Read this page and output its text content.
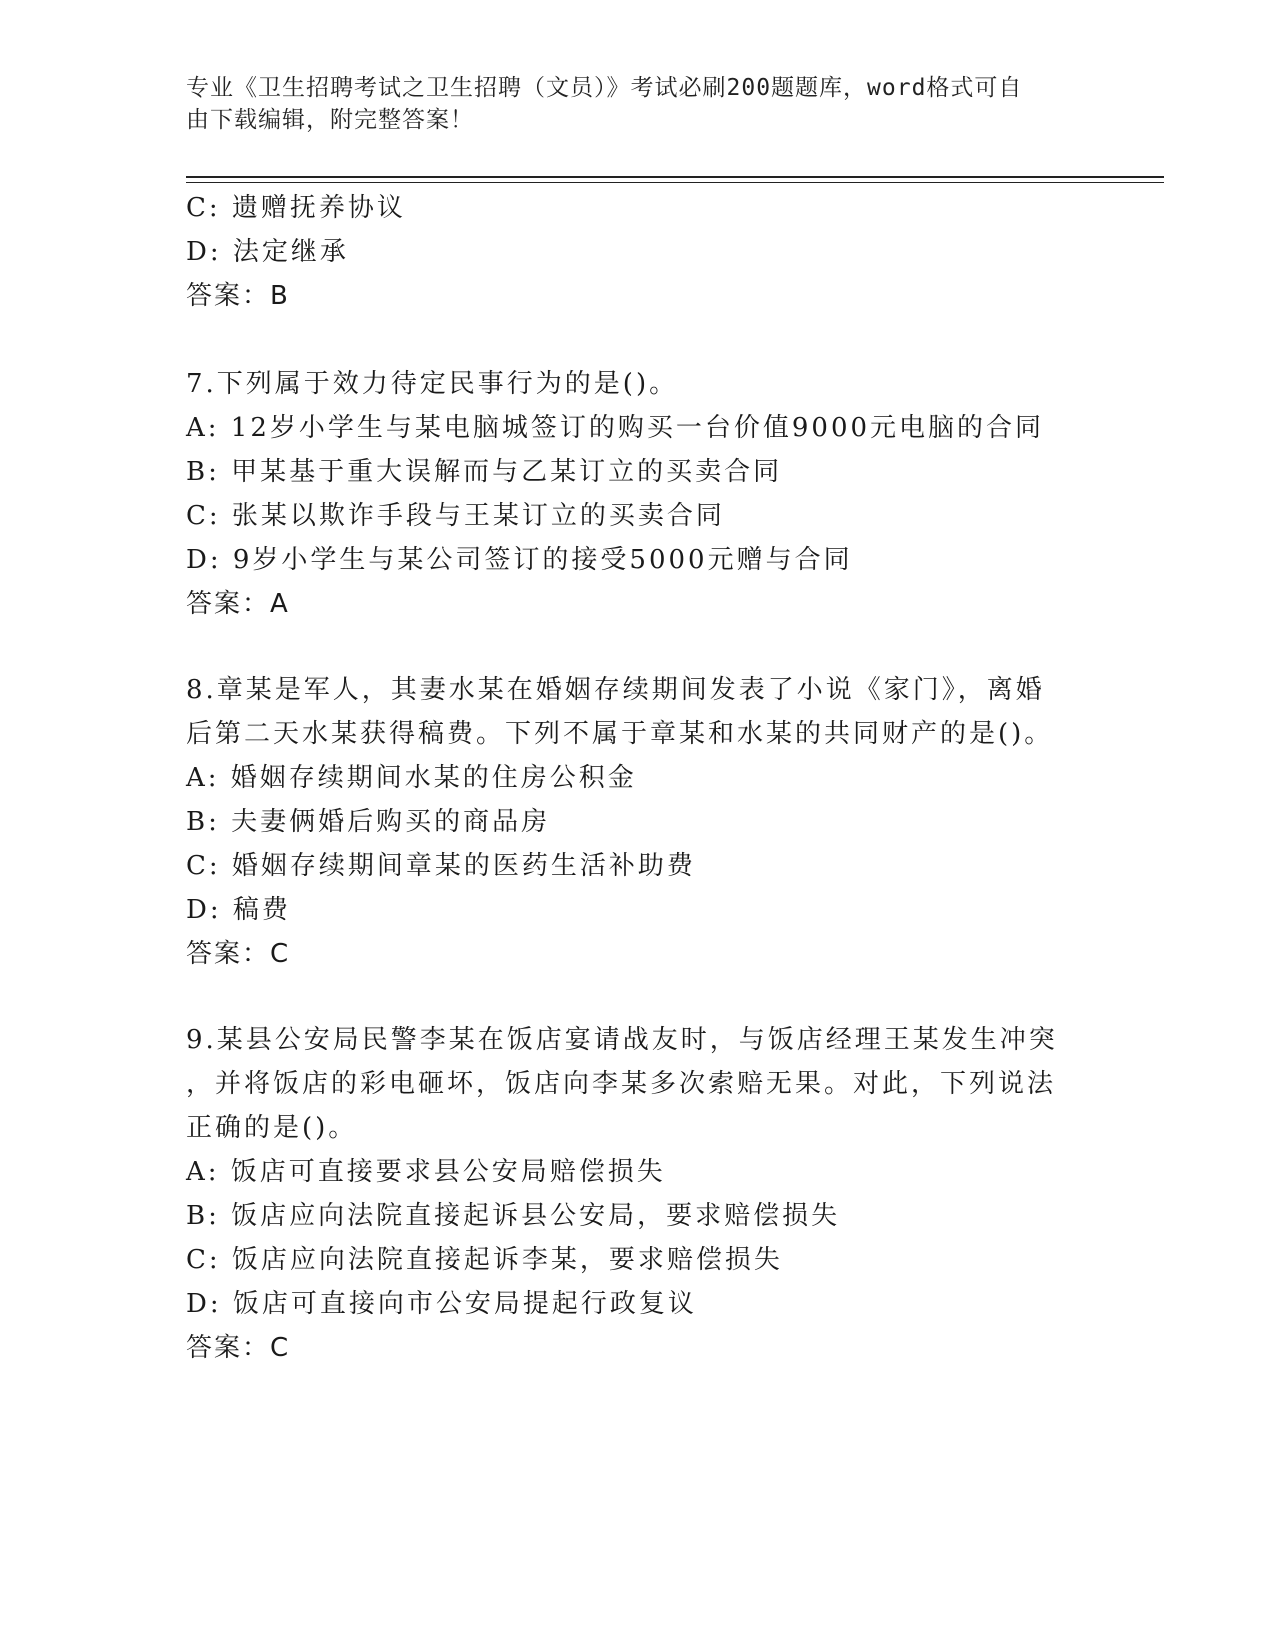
专业《卫生招聘考试之卫生招聘（文员）》考试必刷200题题库，word格式可自
由下载编辑，附完整答案！
C: 遗赠抚养协议
D: 法定继承
答案：B
7.下列属于效力待定民事行为的是()。
A: 12岁小学生与某电脑城签订的购买一台价值9000元电脑的合同
B: 甲某基于重大误解而与乙某订立的买卖合同
C: 张某以欺诈手段与王某订立的买卖合同
D: 9岁小学生与某公司签订的接受5000元赠与合同
答案：A
8.章某是军人，其妻水某在婚姻存续期间发表了小说《家门》，离婚
后第二天水某获得稿费。下列不属于章某和水某的共同财产的是()。
A: 婚姻存续期间水某的住房公积金
B: 夫妻俩婚后购买的商品房
C: 婚姻存续期间章某的医药生活补助费
D: 稿费
答案：C
9.某县公安局民警李某在饭店宴请战友时，与饭店经理王某发生冲突
，并将饭店的彩电砸坏，饭店向李某多次索赔无果。对此，下列说法
正确的是()。
A: 饭店可直接要求县公安局赔偿损失
B: 饭店应向法院直接起诉县公安局，要求赔偿损失
C: 饭店应向法院直接起诉李某，要求赔偿损失
D: 饭店可直接向市公安局提起行政复议
答案：C
